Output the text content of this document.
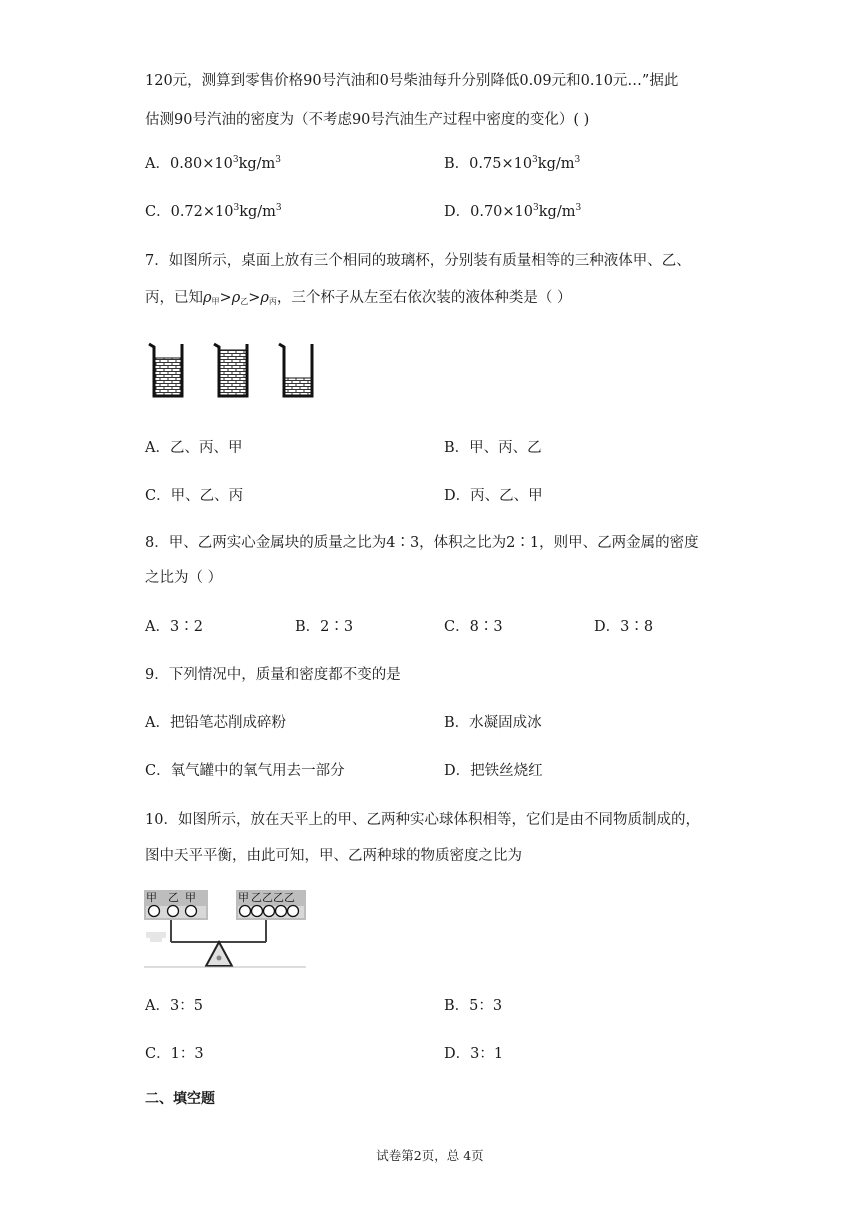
120元，测算到零售价格90号汽油和0号柴油每升分别降低0.09元和0.10元…”据此
估测90号汽油的密度为（不考虑90号汽油生产过程中密度的变化）( )
A．$0.80\times 10^3kg/m^3$	B．$0.75\times 10^3kg/m^3$
C．$0.72\times 10^3kg/m^3$	D．$0.70\times 10^3kg/m^3$
7．如图所示，桌面上放有三个相同的玻璃杯，分别装有质量相等的三种液体甲、乙、
丙，已知$\rho_甲>\rho_乙>\rho_丙$，三个杯子从左至右依次装的液体种类是（ ）
A．乙、丙、甲	B．甲、丙、乙
C．甲、乙、丙	D．丙、乙、甲
8．甲、乙两实心金属块的质量之比为4∶3，体积之比为2∶1，则甲、乙两金属的密度
之比为（ ）
A．3∶2	B．2∶3	C．8∶3	D．3∶8
9．下列情况中，质量和密度都不变的是
A．把铅笔芯削成碎粉	B．水凝固成冰
C．氧气罐中的氧气用去一部分	D．把铁丝烧红
10．如图所示，放在天平上的甲、乙两种实心球体积相等，它们是由不同物质制成的，
图中天平平衡，由此可知，甲、乙两种球的物质密度之比为
甲 乙 甲	甲 乙 乙 乙 乙
A．3：5	B．5：3
C．1：3	D．3：1
二、填空题
试卷第2页，总 4页
